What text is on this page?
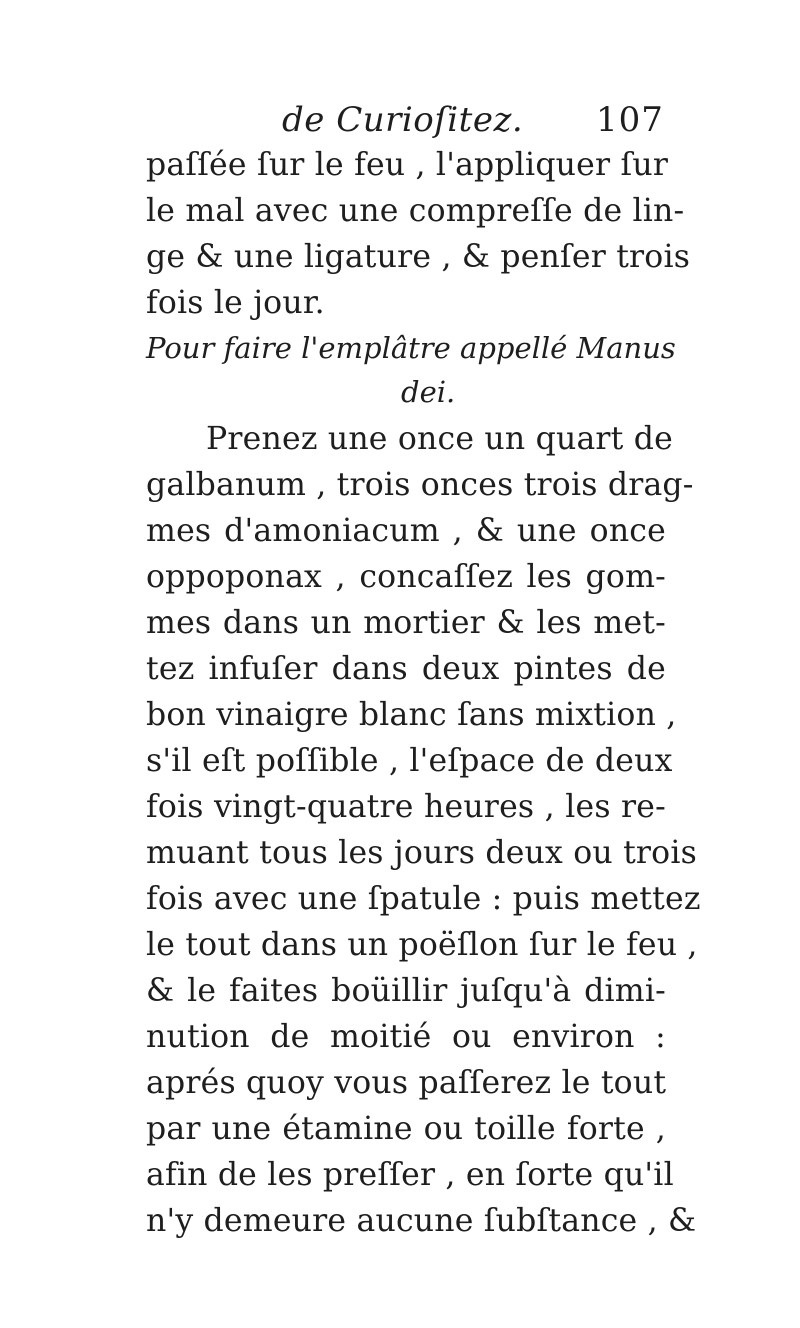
de Curioſitez. 107
paſſée ſur le feu , l'appliquer ſur
le mal avec une compreſſe de lin-
ge & une ligature , & penſer trois
fois le jour.
Pour faire l'emplâtre appellé Manus
dei.
Prenez une once un quart de
galbanum , trois onces trois drag-
mes d'amoniacum , & une once
oppoponax , concaſſez les gom-
mes dans un mortier & les met-
tez infuſer dans deux pintes de
bon vinaigre blanc ſans mixtion ,
s'il eſt poſſible , l'eſpace de deux
fois vingt-quatre heures , les re-
muant tous les jours deux ou trois
fois avec une ſpatule : puis mettez
le tout dans un poëſlon ſur le feu ,
& le faites boüillir juſqu'à dimi-
nution de moitié ou environ :
aprés quoy vous paſſerez le tout
par une étamine ou toille forte ,
afin de les preſſer , en ſorte qu'il
n'y demeure aucune ſubſtance , &
